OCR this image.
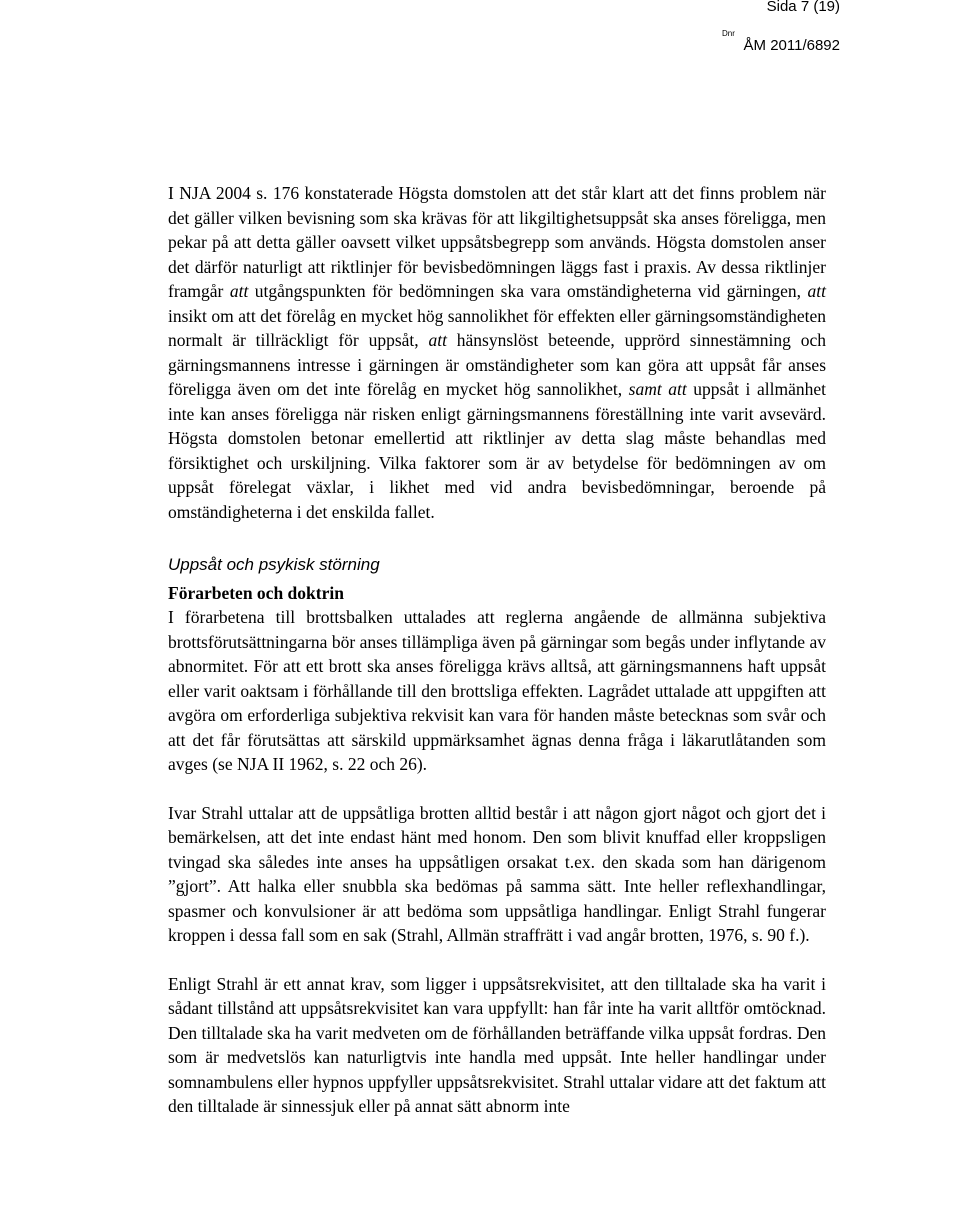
Sida 7 (19)
Dnr
ÅM 2011/6892

I NJA 2004 s. 176 konstaterade Högsta domstolen att det står klart att det finns problem när det gäller vilken bevisning som ska krävas för att likgiltighetsuppsåt ska anses föreligga, men pekar på att detta gäller oavsett vilket uppsåtsbegrepp som används. Högsta domstolen anser det därför naturligt att riktlinjer för bevisbedömningen läggs fast i praxis. Av dessa riktlinjer framgår att utgångspunkten för bedömningen ska vara omständigheterna vid gärningen, att insikt om att det förelåg en mycket hög sannolikhet för effekten eller gärningsomständigheten normalt är tillräckligt för uppsåt, att hänsynslöst beteende, upprörd sinnestämning och gärningsmannens intresse i gärningen är omständigheter som kan göra att uppsåt får anses föreligga även om det inte förelåg en mycket hög sannolikhet, samt att uppsåt i allmänhet inte kan anses föreligga när risken enligt gärningsmannens föreställning inte varit avsevärd. Högsta domstolen betonar emellertid att riktlinjer av detta slag måste behandlas med försiktighet och urskiljning. Vilka faktorer som är av betydelse för bedömningen av om uppsåt förelegat växlar, i likhet med vid andra bevisbedömningar, beroende på omständigheterna i det enskilda fallet.

Uppsåt och psykisk störning
Förarbeten och doktrin

I förarbetena till brottsbalken uttalades att reglerna angående de allmänna subjektiva brottsförutsättningarna bör anses tillämpliga även på gärningar som begås under inflytande av abnormitet. För att ett brott ska anses föreligga krävs alltså, att gärningsmannens haft uppsåt eller varit oaktsam i förhållande till den brottsliga effekten. Lagrådet uttalade att uppgiften att avgöra om erforderliga subjektiva rekvisit kan vara för handen måste betecknas som svår och att det får förutsättas att särskild uppmärksamhet ägnas denna fråga i läkarutlåtanden som avges (se NJA II 1962, s. 22 och 26).

Ivar Strahl uttalar att de uppsåtliga brotten alltid består i att någon gjort något och gjort det i bemärkelsen, att det inte endast hänt med honom. Den som blivit knuffad eller kroppsligen tvingad ska således inte anses ha uppsåtligen orsakat t.ex. den skada som han därigenom ”gjort”. Att halka eller snubbla ska bedömas på samma sätt. Inte heller reflexhandlingar, spasmer och konvulsioner är att bedöma som uppsåtliga handlingar. Enligt Strahl fungerar kroppen i dessa fall som en sak (Strahl, Allmän straffrätt i vad angår brotten, 1976, s. 90 f.).

Enligt Strahl är ett annat krav, som ligger i uppsåtsrekvisitet, att den tilltalade ska ha varit i sådant tillstånd att uppsåtsrekvisitet kan vara uppfyllt: han får inte ha varit alltför omtöcknad. Den tilltalade ska ha varit medveten om de förhållanden beträffande vilka uppsåt fordras. Den som är medvetslös kan naturligtvis inte handla med uppsåt. Inte heller handlingar under somnambulens eller hypnos uppfyller uppsåtsrekvisitet. Strahl uttalar vidare att det faktum att den tilltalade är sinnessjuk eller på annat sätt abnorm inte
